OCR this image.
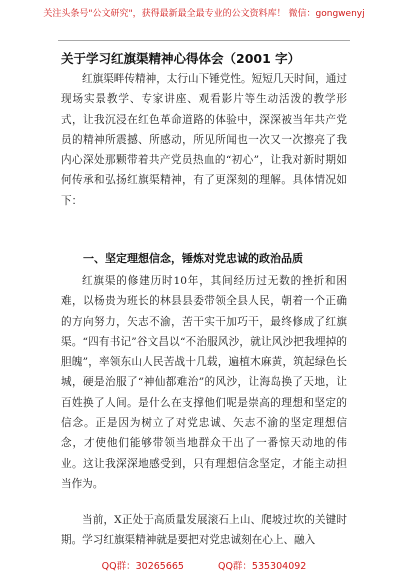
关注头条号"公文研究"，获得最新最全最专业的公文资料库！ 微信：gongwenyj
关于学习红旗渠精神心得体会（2001 字）
红旗渠畔传精神，太行山下锤党性。短短几天时间，通过现场实景教学、专家讲座、观看影片等生动活泼的教学形式，让我沉浸在红色革命道路的体验中，深深被当年共产党员的精神所震撼、所感动，所见所闻也一次又一次擦亮了我内心深处那颗带着共产党员热血的“初心”，让我对新时期如何传承和弘扬红旗渠精神，有了更深刻的理解。具体情况如下：
一、坚定理想信念，锤炼对党忠诚的政治品质
红旗渠的修建历时10年，其间经历过无数的挫折和困难，以杨贵为班长的林县县委带领全县人民，朝着一个正确的方向努力，矢志不渝，苦干实干加巧干，最终修成了红旗渠。“四有书记”谷文昌以“不治服风沙，就让风沙把我埋掉的胆魄”，率领东山人民苦战十几载，遍植木麻黄，筑起绿色长城，硬是治服了“神仙都难治”的风沙，让海岛换了天地，让百姓换了人间。是什么在支撑他们呢是崇高的理想和坚定的信念。正是因为树立了对党忠诚、矢志不渝的坚定理想信念，才使他们能够带领当地群众干出了一番惊天动地的伟业。这让我深深地感受到，只有理想信念坚定，才能主动担当作为。
当前，X正处于高质量发展滚石上山、爬坡过坎的关键时期。学习红旗渠精神就是要把对党忠诚刻在心上、融入
QQ群：30265665	QQ群：535304092
